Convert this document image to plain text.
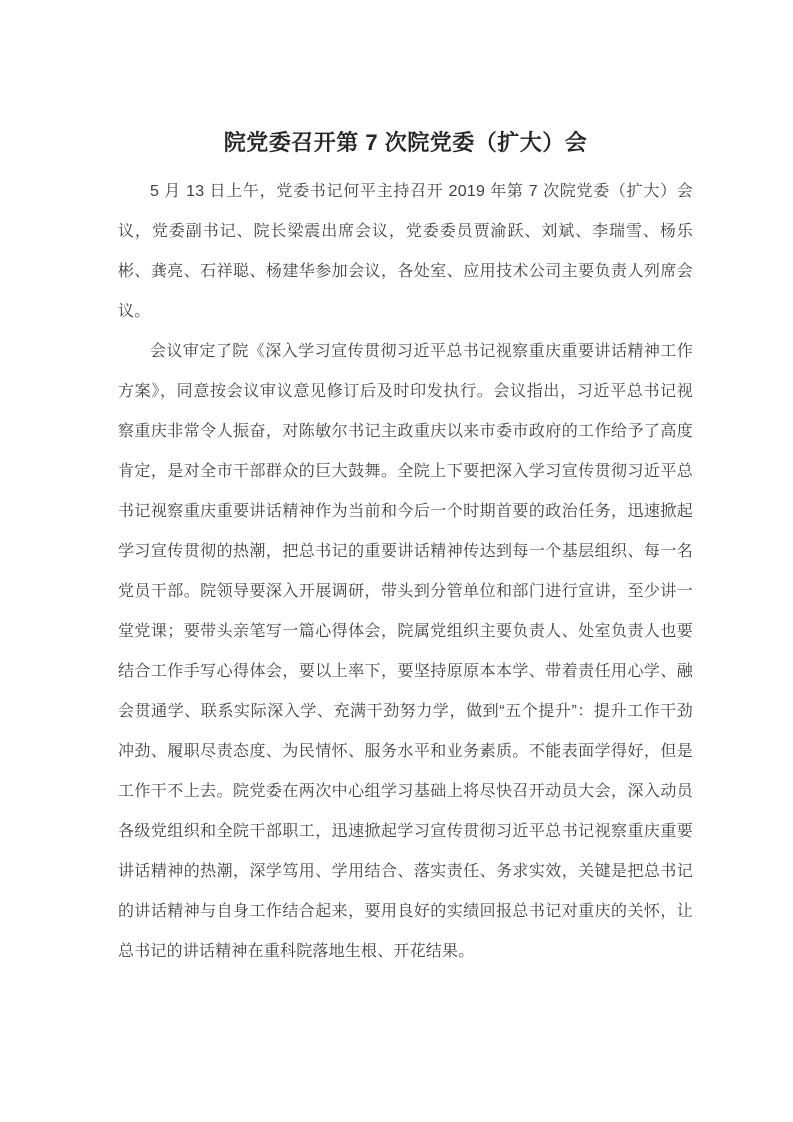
院党委召开第 7 次院党委（扩大）会

5 月 13 日上午，党委书记何平主持召开 2019 年第 7 次院党委（扩大）会议，党委副书记、院长梁震出席会议，党委委员贾渝跃、刘斌、李瑞雪、杨乐彬、龚亮、石祥聪、杨建华参加会议，各处室、应用技术公司主要负责人列席会议。

会议审定了院《深入学习宣传贯彻习近平总书记视察重庆重要讲话精神工作方案》，同意按会议审议意见修订后及时印发执行。会议指出，习近平总书记视察重庆非常令人振奋，对陈敏尔书记主政重庆以来市委市政府的工作给予了高度肯定，是对全市干部群众的巨大鼓舞。全院上下要把深入学习宣传贯彻习近平总书记视察重庆重要讲话精神作为当前和今后一个时期首要的政治任务，迅速掀起学习宣传贯彻的热潮，把总书记的重要讲话精神传达到每一个基层组织、每一名党员干部。院领导要深入开展调研，带头到分管单位和部门进行宣讲，至少讲一堂党课；要带头亲笔写一篇心得体会，院属党组织主要负责人、处室负责人也要结合工作手写心得体会，要以上率下，要坚持原原本本学、带着责任用心学、融会贯通学、联系实际深入学、充满干劲努力学，做到“五个提升”：提升工作干劲冲劲、履职尽责态度、为民情怀、服务水平和业务素质。不能表面学得好，但是工作干不上去。院党委在两次中心组学习基础上将尽快召开动员大会，深入动员各级党组织和全院干部职工，迅速掀起学习宣传贯彻习近平总书记视察重庆重要讲话精神的热潮，深学笃用、学用结合、落实责任、务求实效，关键是把总书记的讲话精神与自身工作结合起来，要用良好的实绩回报总书记对重庆的关怀，让总书记的讲话精神在重科院落地生根、开花结果。
